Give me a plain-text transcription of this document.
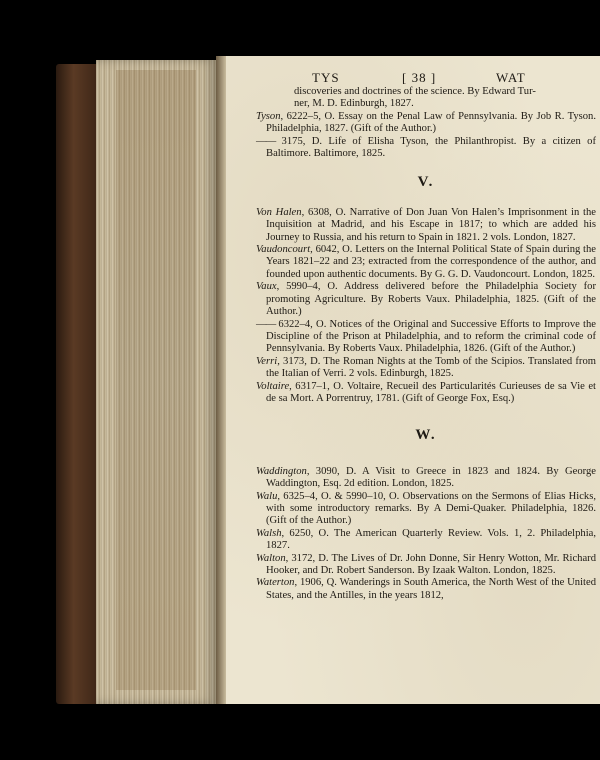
TYS	[ 38 ]	WAT

discoveries and doctrines of the science. By Edward Tur-

ner, M. D. Edinburgh, 1827.

Tyson, 6222–5, O. Essay on the Penal Law of Pennsylvania. By Job R. Tyson. Philadelphia, 1827. (Gift of the Author.)

—— 3175, D. Life of Elisha Tyson, the Philanthropist. By a citizen of Baltimore. Baltimore, 1825.

V.

Von Halen, 6308, O. Narrative of Don Juan Von Halen’s Imprisonment in the Inquisition at Madrid, and his Escape in 1817; to which are added his Journey to Russia, and his return to Spain in 1821. 2 vols. London, 1827.

Vaudoncourt, 6042, O. Letters on the Internal Political State of Spain during the Years 1821–22 and 23; extracted from the correspondence of the author, and founded upon authentic documents. By G. G. D. Vaudoncourt. London, 1825.

Vaux, 5990–4, O. Address delivered before the Philadelphia Society for promoting Agriculture. By Roberts Vaux. Philadelphia, 1825. (Gift of the Author.)

—— 6322–4, O. Notices of the Original and Successive Efforts to Improve the Discipline of the Prison at Philadelphia, and to reform the criminal code of Pennsylvania. By Roberts Vaux. Philadelphia, 1826. (Gift of the Author.)

Verri, 3173, D. The Roman Nights at the Tomb of the Scipios. Translated from the Italian of Verri. 2 vols. Edinburgh, 1825.

Voltaire, 6317–1, O. Voltaire, Recueil des Particularités Curieuses de sa Vie et de sa Mort. A Porrentruy, 1781. (Gift of George Fox, Esq.)

W.

Waddington, 3090, D. A Visit to Greece in 1823 and 1824. By George Waddington, Esq. 2d edition. London, 1825.

Walu, 6325–4, O. & 5990–10, O. Observations on the Sermons of Elias Hicks, with some introductory remarks. By A Demi-Quaker. Philadelphia, 1826. (Gift of the Author.)

Walsh, 6250, O. The American Quarterly Review. Vols. 1, 2. Philadelphia, 1827.

Walton, 3172, D. The Lives of Dr. John Donne, Sir Henry Wotton, Mr. Richard Hooker, and Dr. Robert Sanderson. By Izaak Walton. London, 1825.

Waterton, 1906, Q. Wanderings in South America, the North West of the United States, and the Antilles, in the years 1812,
